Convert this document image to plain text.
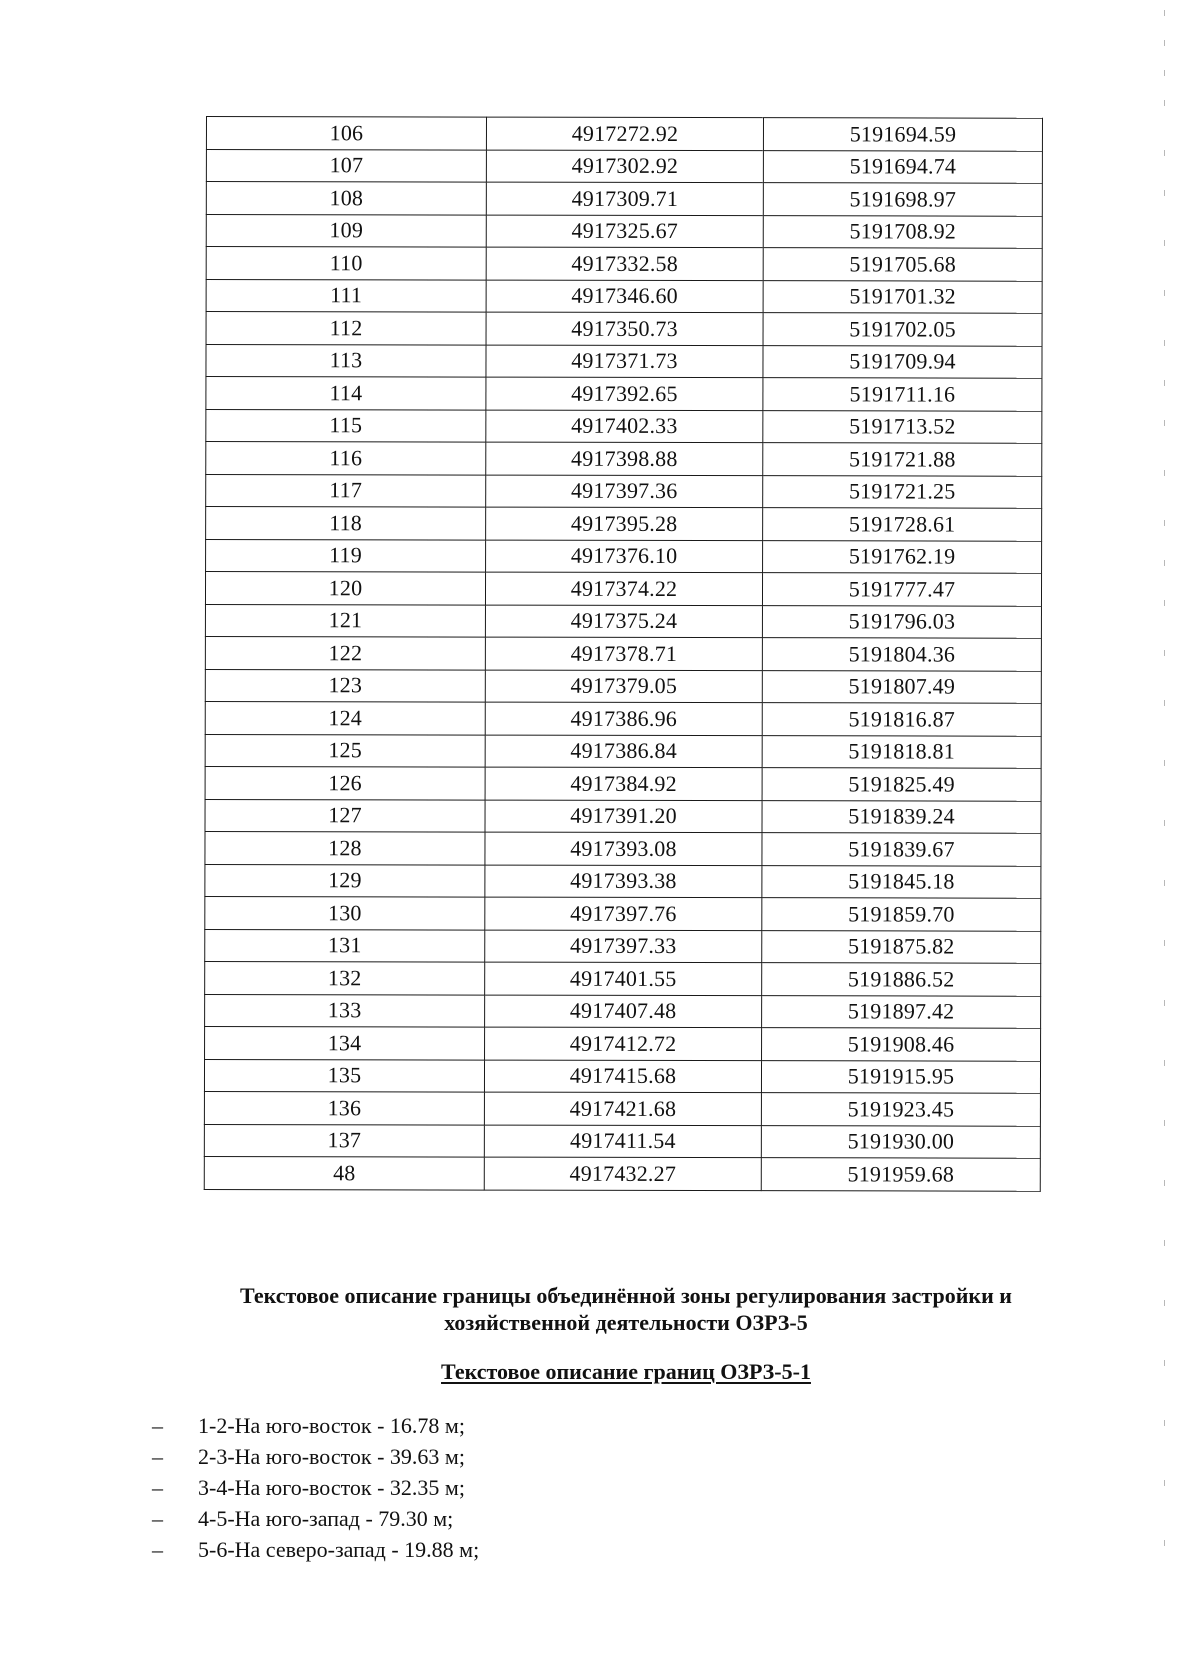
106	4917272.92	5191694.59
107	4917302.92	5191694.74
108	4917309.71	5191698.97
109	4917325.67	5191708.92
110	4917332.58	5191705.68
111	4917346.60	5191701.32
112	4917350.73	5191702.05
113	4917371.73	5191709.94
114	4917392.65	5191711.16
115	4917402.33	5191713.52
116	4917398.88	5191721.88
117	4917397.36	5191721.25
118	4917395.28	5191728.61
119	4917376.10	5191762.19
120	4917374.22	5191777.47
121	4917375.24	5191796.03
122	4917378.71	5191804.36
123	4917379.05	5191807.49
124	4917386.96	5191816.87
125	4917386.84	5191818.81
126	4917384.92	5191825.49
127	4917391.20	5191839.24
128	4917393.08	5191839.67
129	4917393.38	5191845.18
130	4917397.76	5191859.70
131	4917397.33	5191875.82
132	4917401.55	5191886.52
133	4917407.48	5191897.42
134	4917412.72	5191908.46
135	4917415.68	5191915.95
136	4917421.68	5191923.45
137	4917411.54	5191930.00
48	4917432.27	5191959.68
Текстовое описание границы объединённой зоны регулирования застройки и
хозяйственной деятельности ОЗРЗ-5
Текстовое описание границ ОЗРЗ-5-1
–	1-2-На юго-восток - 16.78 м;
–	2-3-На юго-восток - 39.63 м;
–	3-4-На юго-восток - 32.35 м;
–	4-5-На юго-запад - 79.30 м;
–	5-6-На северо-запад - 19.88 м;
